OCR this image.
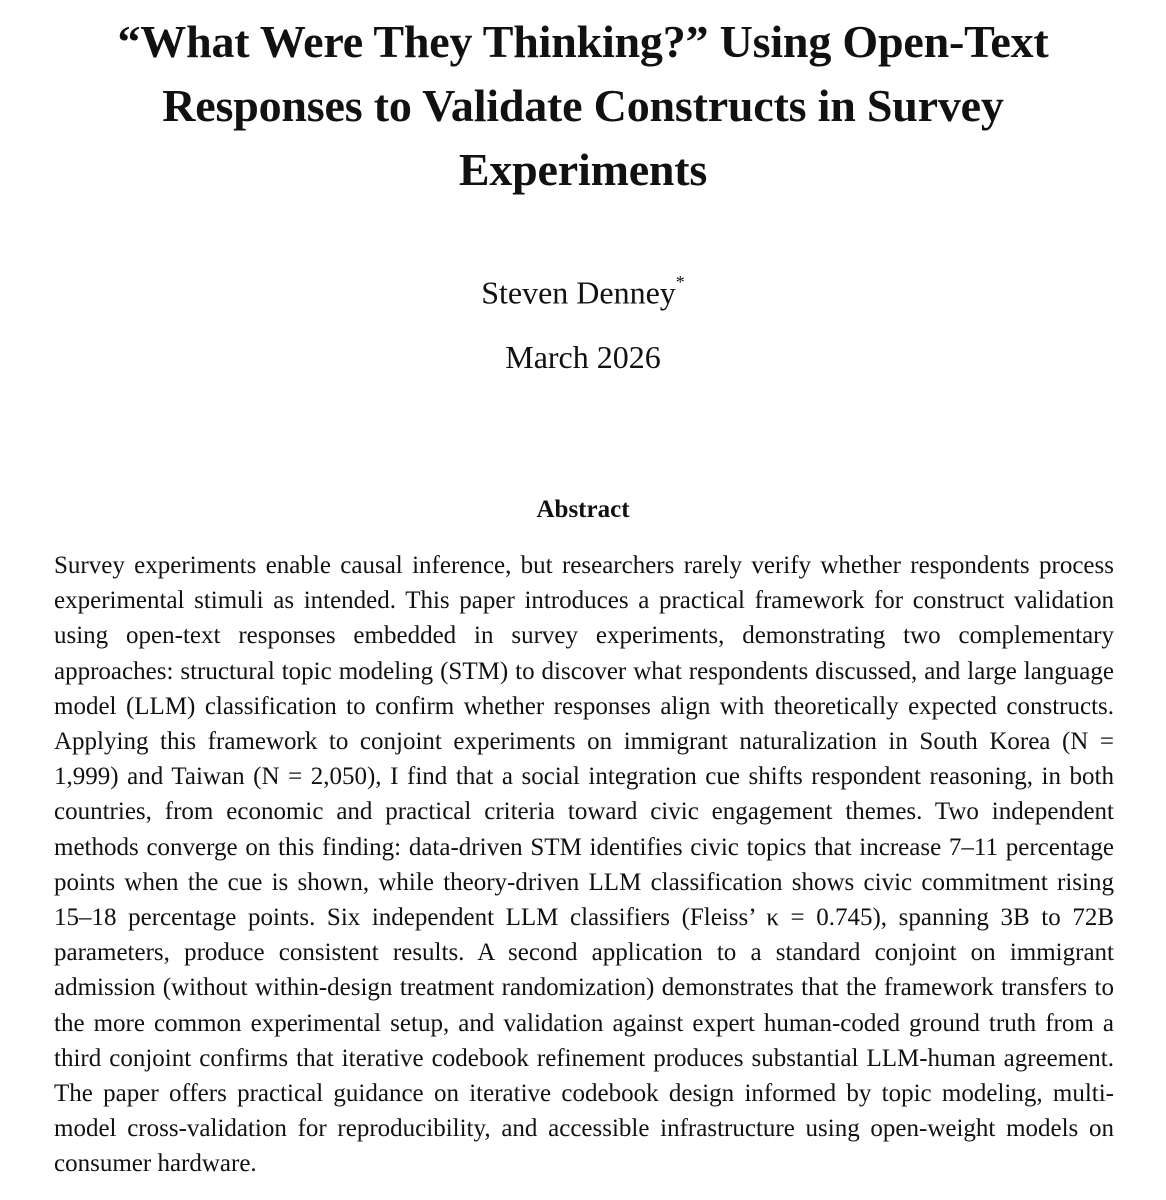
“What Were They Thinking?” Using Open-Text Responses to Validate Constructs in Survey Experiments
Steven Denney*
March 2026
Abstract

Survey experiments enable causal inference, but researchers rarely verify whether respondents process experimental stimuli as intended. This paper introduces a practical framework for construct validation using open-text responses embedded in survey experiments, demonstrating two complementary approaches: structural topic modeling (STM) to discover what respondents discussed, and large language model (LLM) classification to confirm whether responses align with theoretically expected constructs. Applying this framework to conjoint experiments on immigrant naturalization in South Korea (N = 1,999) and Taiwan (N = 2,050), I find that a social integration cue shifts respondent reasoning, in both countries, from economic and practical criteria toward civic engagement themes. Two independent methods converge on this finding: data-driven STM identifies civic topics that increase 7–11 percentage points when the cue is shown, while theory-driven LLM classification shows civic commitment rising 15–18 percentage points. Six independent LLM classifiers (Fleiss’ κ = 0.745), spanning 3B to 72B parameters, produce consistent results. A second application to a standard conjoint on immigrant admission (without within-design treatment randomization) demonstrates that the framework transfers to the more common experimental setup, and validation against expert human-coded ground truth from a third conjoint confirms that iterative codebook refinement produces substantial LLM-human agreement. The paper offers practical guidance on iterative codebook design informed by topic modeling, multi-model cross-validation for reproducibility, and accessible infrastructure using open-weight models on consumer hardware.
